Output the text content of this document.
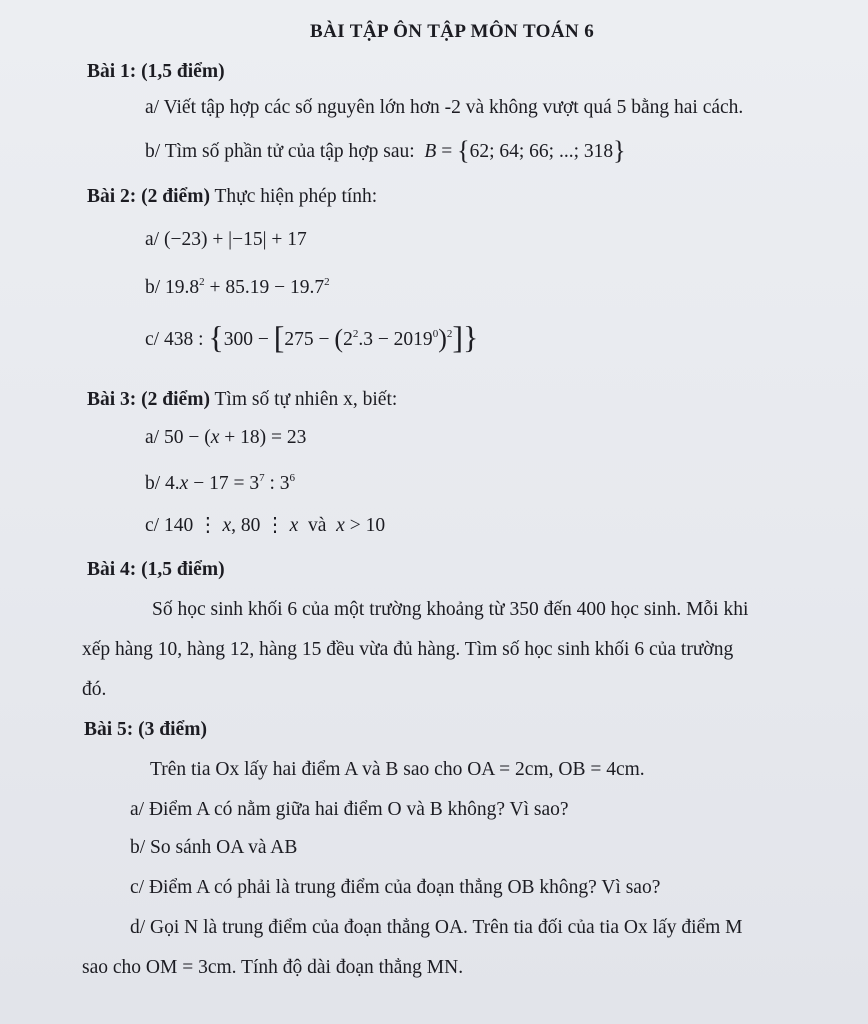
BÀI TẬP ÔN TẬP MÔN TOÁN 6
Bài 1: (1,5 điểm)
a/ Viết tập hợp các số nguyên lớn hơn -2 và không vượt quá 5 bằng hai cách.
b/ Tìm số phần tử của tập hợp sau: B = {62; 64; 66; ...; 318}
Bài 2: (2 điểm) Thực hiện phép tính:
a/ (−23) + |−15| + 17
b/ $19.8^2 + 85.19 - 19.7^2$
c/ 438 : $\{300 - [275 - (2^2.3 - 2019^0)^2]\}$
Bài 3: (2 điểm) Tìm số tự nhiên x, biết:
a/ 50 − (x + 18) = 23
b/ $4.x - 17 = 3^7$ : $3^6$
c/ 140 ⋮ x, 80 ⋮ x và x > 10
Bài 4: (1,5 điểm)
Số học sinh khối 6 của một trường khoảng từ 350 đến 400 học sinh. Mỗi khi
xếp hàng 10, hàng 12, hàng 15 đều vừa đủ hàng. Tìm số học sinh khối 6 của trường
đó.
Bài 5: (3 điểm)
Trên tia Ox lấy hai điểm A và B sao cho OA = 2cm, OB = 4cm.
a/ Điểm A có nằm giữa hai điểm O và B không? Vì sao?
b/ So sánh OA và AB
c/ Điểm A có phải là trung điểm của đoạn thẳng OB không? Vì sao?
d/ Gọi N là trung điểm của đoạn thẳng OA. Trên tia đối của tia Ox lấy điểm M
sao cho OM = 3cm. Tính độ dài đoạn thẳng MN.
